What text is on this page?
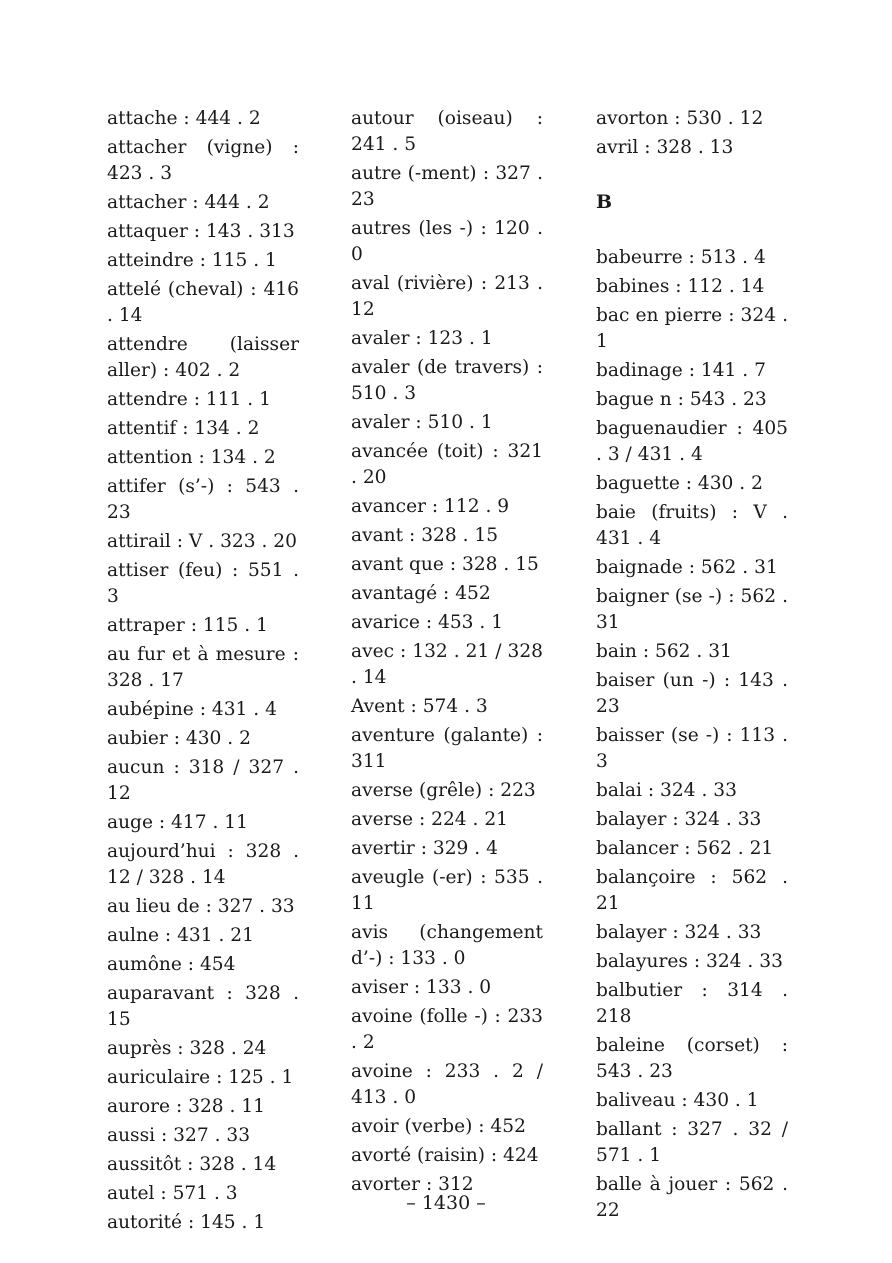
attache : 444 . 2
attacher (vigne) : 423 . 3
attacher : 444 . 2
attaquer : 143 . 313
atteindre : 115 . 1
attelé (cheval) : 416 . 14
attendre (laisser aller) : 402 . 2
attendre : 111 . 1
attentif : 134 . 2
attention : 134 . 2
attifer (s’-) : 543 . 23
attirail : V . 323 . 20
attiser (feu) : 551 . 3
attraper : 115 . 1
au fur et à mesure : 328 . 17
aubépine : 431 . 4
aubier : 430 . 2
aucun : 318 / 327 . 12
auge : 417 . 11
aujourd’hui : 328 . 12 / 328 . 14
au lieu de : 327 . 33
aulne : 431 . 21
aumône : 454
auparavant : 328 . 15
auprès : 328 . 24
auriculaire : 125 . 1
aurore : 328 . 11
aussi : 327 . 33
aussitôt : 328 . 14
autel : 571 . 3
autorité : 145 . 1
autour (oiseau) : 241 . 5
autre (-ment) : 327 . 23
autres (les -) : 120 . 0
aval (rivière) : 213 . 12
avaler : 123 . 1
avaler (de travers) : 510 . 3
avaler : 510 . 1
avancée (toit) : 321 . 20
avancer : 112 . 9
avant : 328 . 15
avant que : 328 . 15
avantagé : 452
avarice : 453 . 1
avec : 132 . 21 / 328 . 14
Avent : 574 . 3
aventure (galante) : 311
averse (grêle) : 223
averse : 224 . 21
avertir : 329 . 4
aveugle (-er) : 535 . 11
avis (changement d’-) : 133 . 0
aviser : 133 . 0
avoine (folle -) : 233 . 2
avoine : 233 . 2 / 413 . 0
avoir (verbe) : 452
avorté (raisin) : 424
avorter : 312
avorton : 530 . 12
avril : 328 . 13
B
babeurre : 513 . 4
babines : 112 . 14
bac en pierre : 324 . 1
badinage : 141 . 7
bague n : 543 . 23
baguenaudier : 405 . 3 / 431 . 4
baguette : 430 . 2
baie (fruits) : V . 431 . 4
baignade : 562 . 31
baigner (se -) : 562 . 31
bain : 562 . 31
baiser (un -) : 143 . 23
baisser (se -) : 113 . 3
balai : 324 . 33
balayer : 324 . 33
balancer : 562 . 21
balançoire : 562 . 21
balayer : 324 . 33
balayures : 324 . 33
balbutier : 314 . 218
baleine (corset) : 543 . 23
baliveau : 430 . 1
ballant : 327 . 32 / 571 . 1
balle à jouer : 562 . 22
– 1430 –
